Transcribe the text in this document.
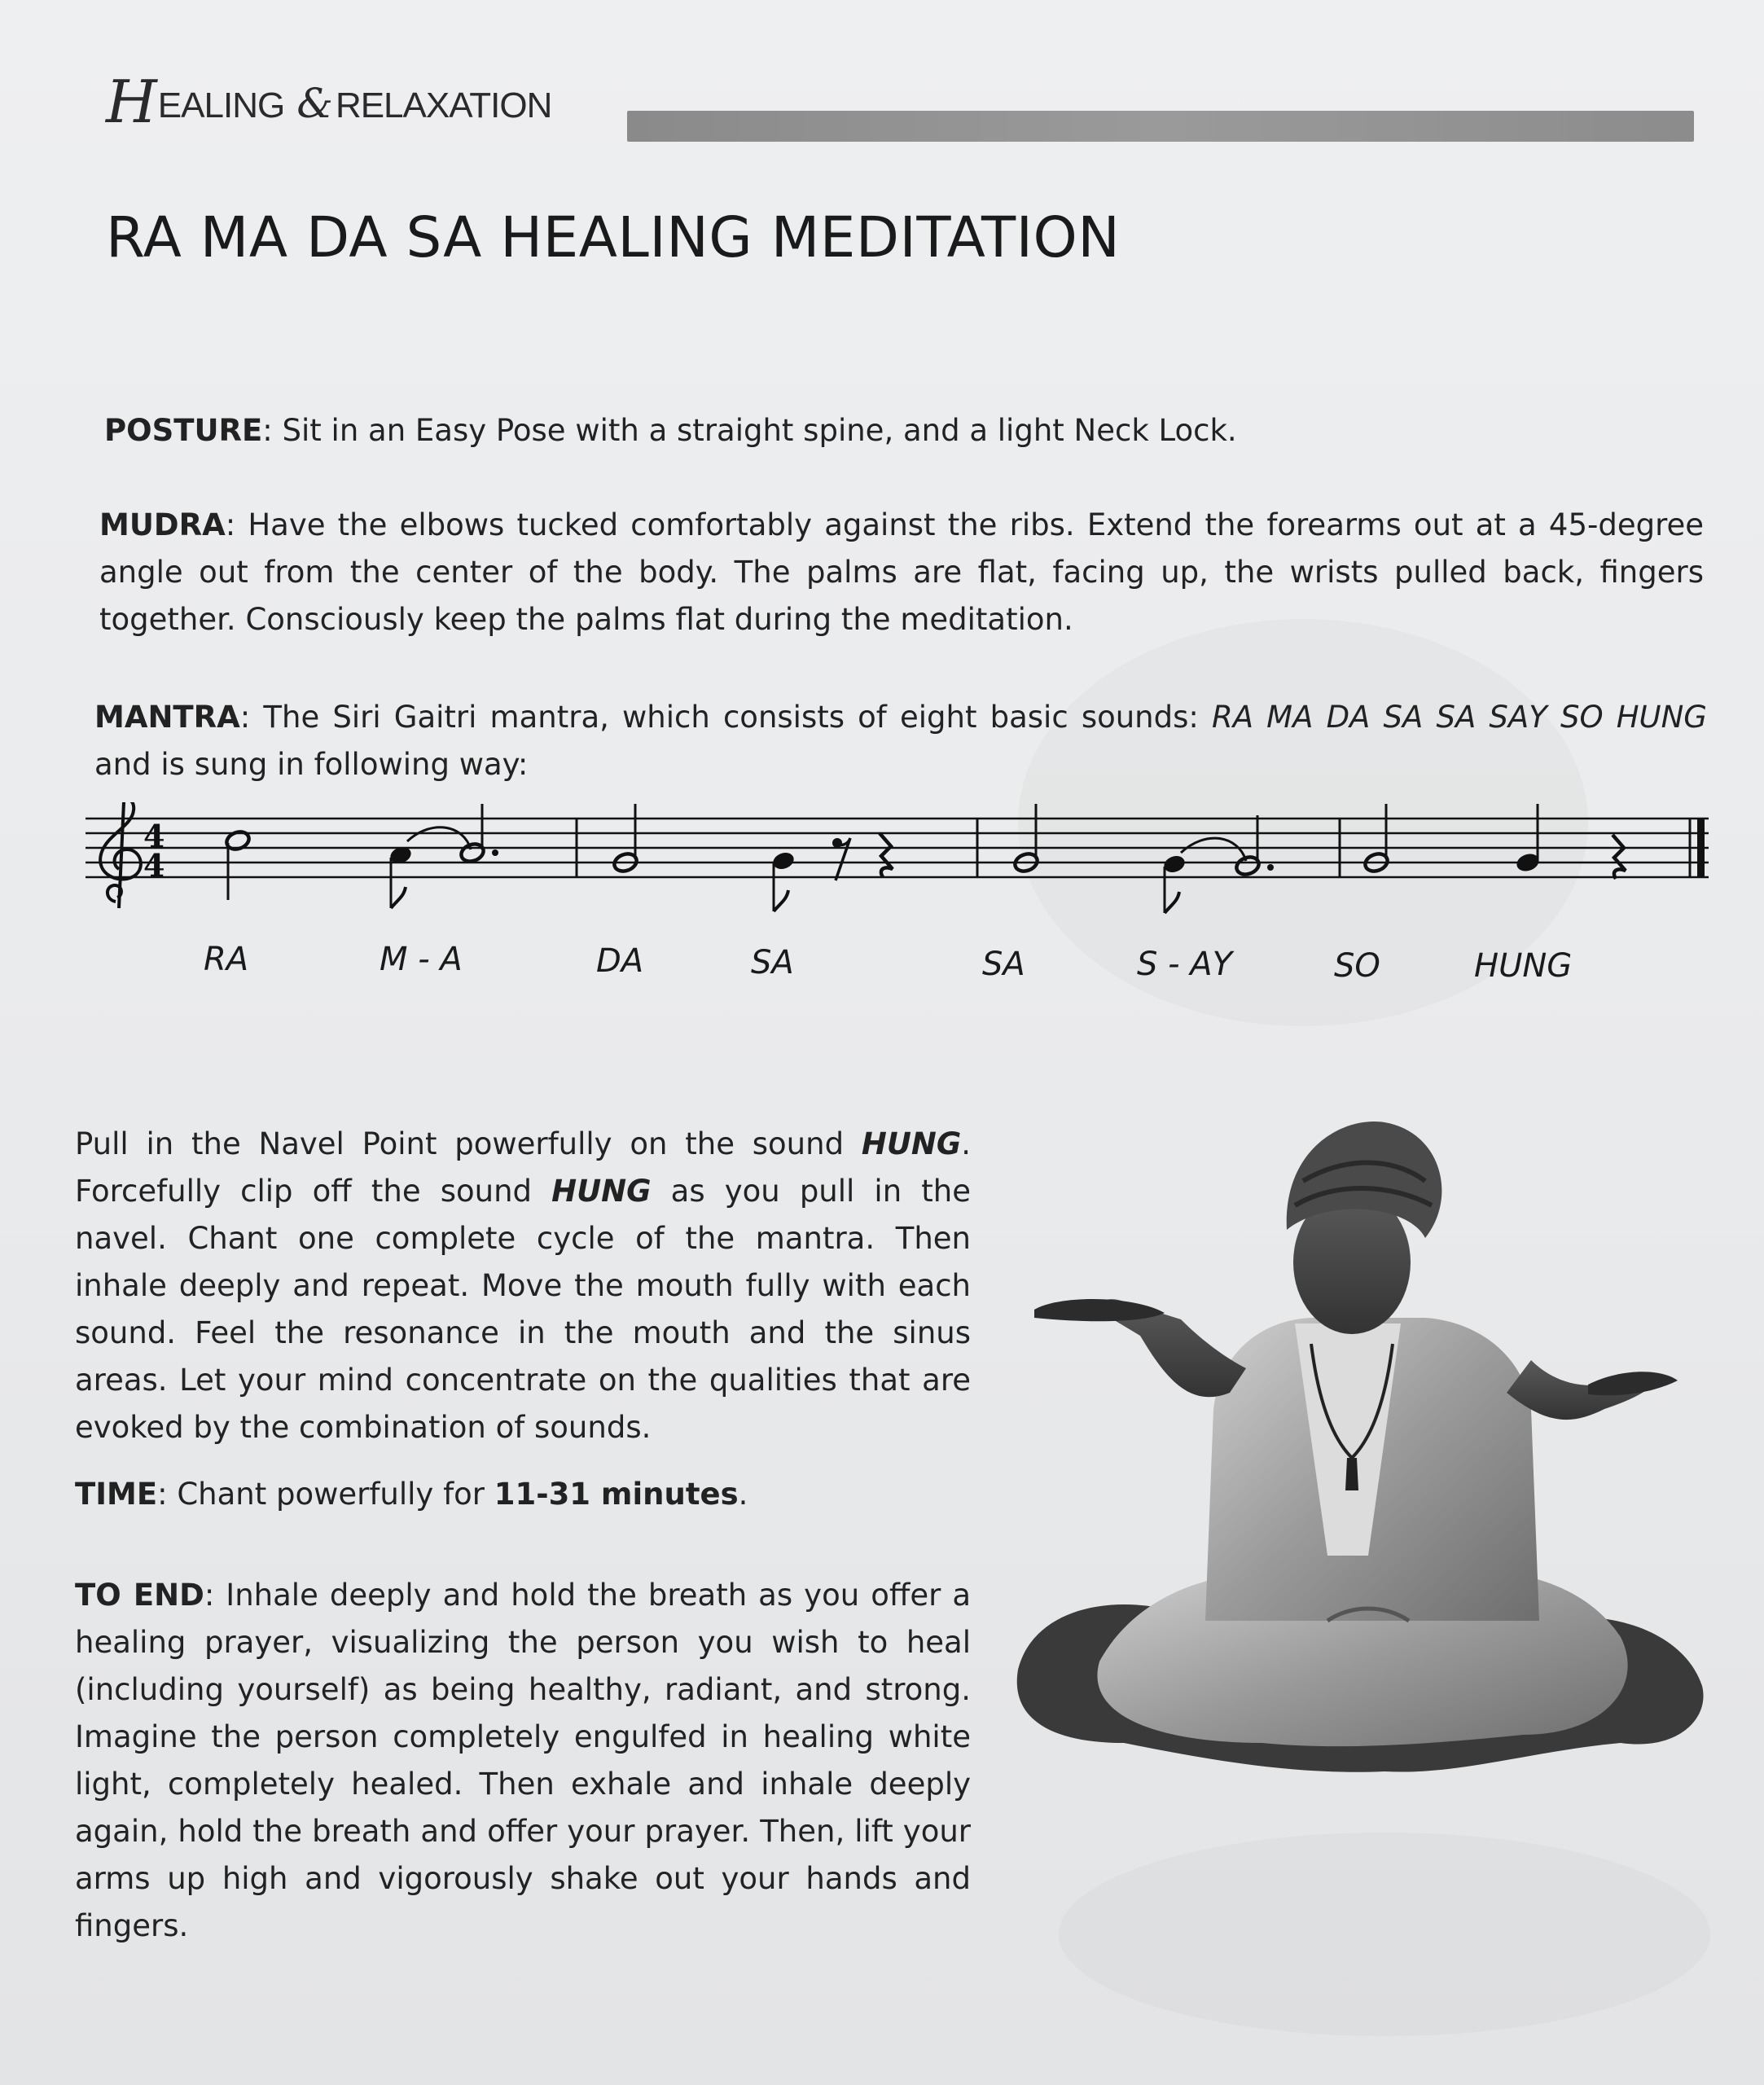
HEALING &RELAXATION
RA MA DA SA HEALING MEDITATION

POSTURE: Sit in an Easy Pose with a straight spine, and a light Neck Lock.

MUDRA: Have the elbows tucked comfortably against the ribs. Extend the forearms out at a 45-degree angle out from the center of the body. The palms are flat, facing up, the wrists pulled back, fingers together. Consciously keep the palms flat during the meditation.

MANTRA: The Siri Gaitri mantra, which consists of eight basic sounds: RA MA DA SA SA SAY SO HUNG and is sung in following way:

4
4
RA	M - A	DA	SA	SA	S - AY	SO	HUNG

Pull in the Navel Point powerfully on the sound HUNG. Forcefully clip off the sound HUNG as you pull in the navel. Chant one complete cycle of the mantra. Then inhale deeply and repeat. Move the mouth fully with each sound. Feel the resonance in the mouth and the sinus areas. Let your mind concentrate on the qualities that are evoked by the combination of sounds.

TIME: Chant powerfully for 11-31 minutes.

TO END: Inhale deeply and hold the breath as you offer a healing prayer, visualizing the person you wish to heal (including yourself) as being healthy, radiant, and strong. Imagine the person completely engulfed in healing white light, completely healed. Then exhale and inhale deeply again, hold the breath and offer your prayer. Then, lift your arms up high and vigorously shake out your hands and fingers.
